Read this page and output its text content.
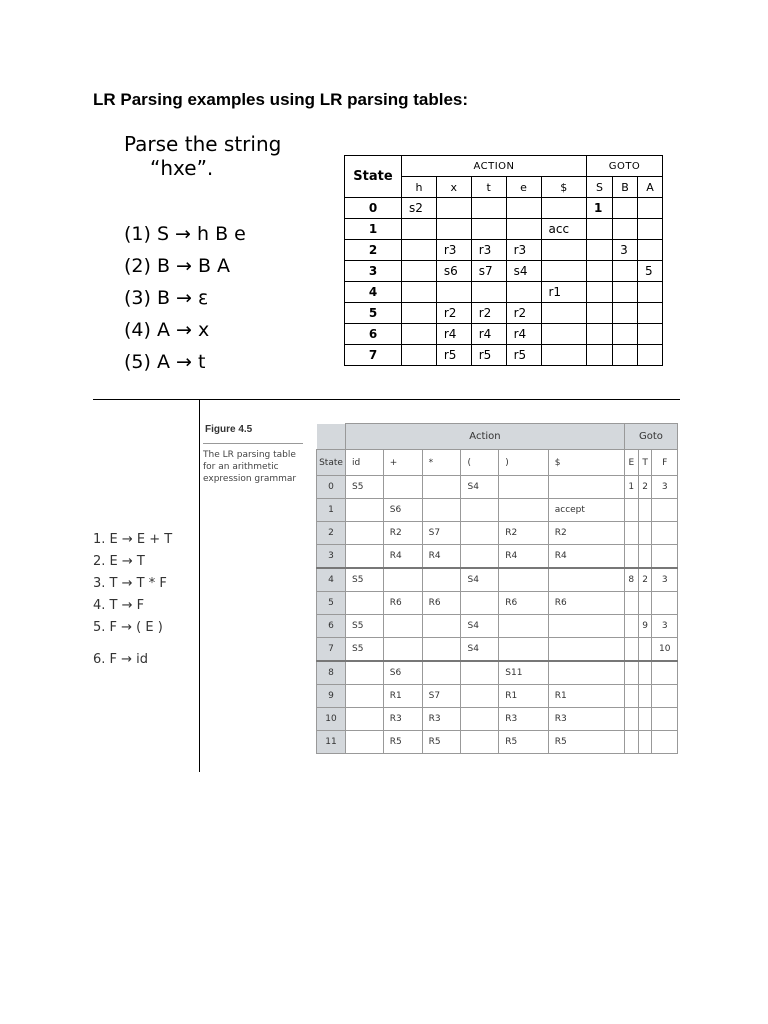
LR Parsing examples using LR parsing tables:
Parse the string
“hxe”.
(1) S → h B e
(2) B → B A
(3) B → ε
(4) A → x
(5) A → t
State	ACTION					GOTO		
	h	x	t	e	$	S	B	A
0	s2					1		
1					acc			
2		r3	r3	r3			3	
3		s6	s7	s4				5
4					r1			
5		r2	r2	r2				
6		r4	r4	r4				
7		r5	r5	r5				
Figure 4.5
The LR parsing table for an arithmetic expression grammar
1. E → E + T
2. E → T
3. T → T * F
4. T → F
5. F → ( E )
6. F → id
	Action						Goto		
State	id	+	*	(	)	$	E	T	F
0	S5			S4			1	2	3
1		S6				accept			
2		R2	S7		R2	R2			
3		R4	R4		R4	R4			
4	S5			S4			8	2	3
5		R6	R6		R6	R6			
6	S5			S4				9	3
7	S5			S4					10
8		S6			S11				
9		R1	S7		R1	R1			
10		R3	R3		R3	R3			
11		R5	R5		R5	R5			
